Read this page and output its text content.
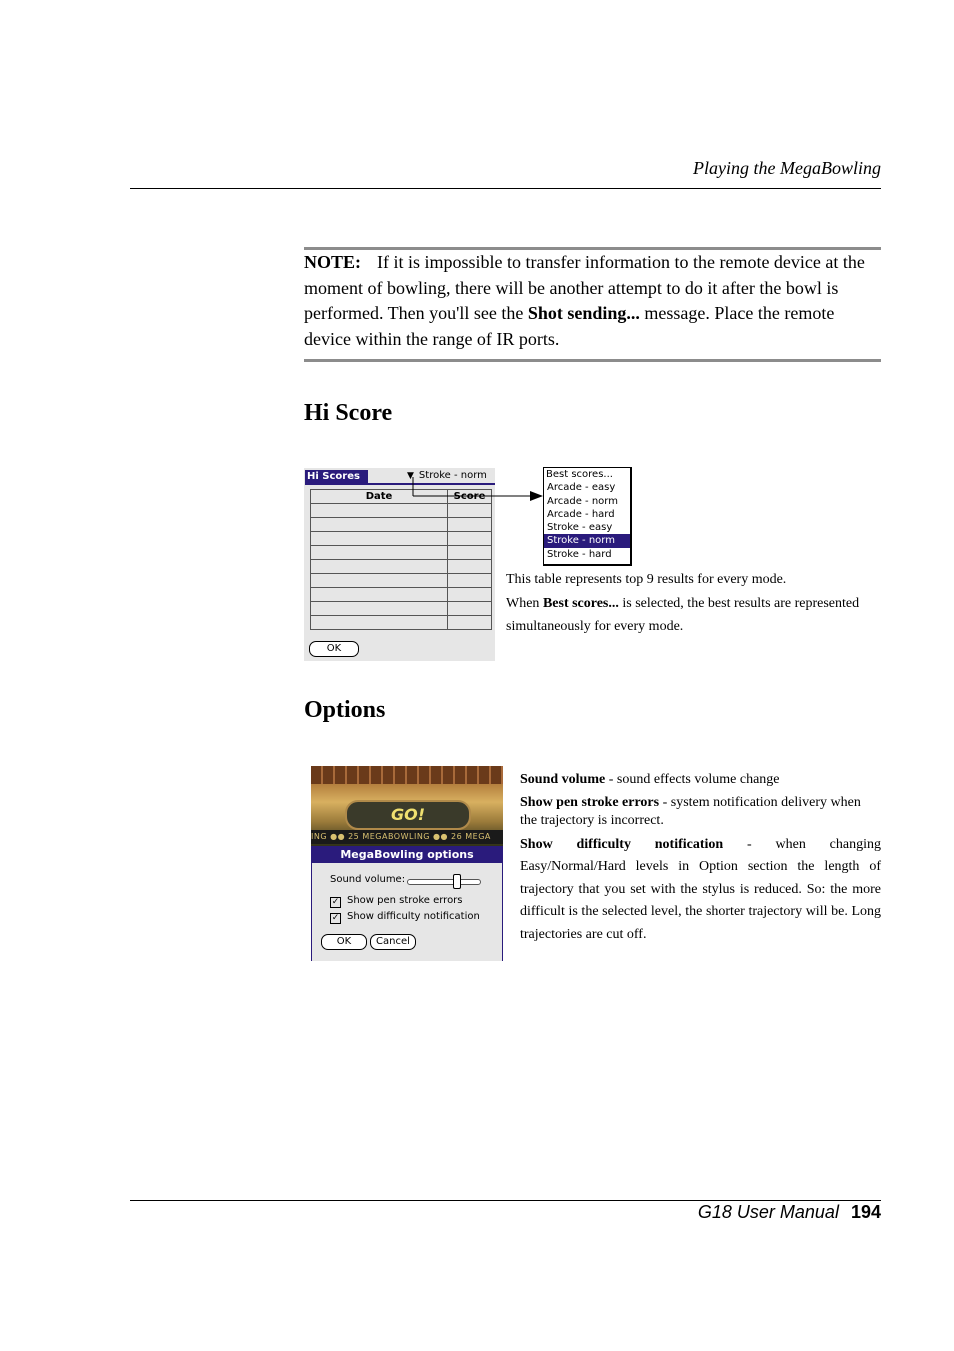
Playing the MegaBowling
NOTE: If it is impossible to transfer information to the remote device at the moment of bowling, there will be another attempt to do it after the bowl is performed. Then you'll see the Shot sending... message. Place the remote device within the range of IR ports.
Hi Score
Hi Scores	▼ Stroke - norm
Date	Score

OK
Best scores...
Arcade - easy
Arcade - norm
Arcade - hard
Stroke - easy
Stroke - norm
Stroke - hard
This table represents top 9 results for every mode.
When Best scores... is selected, the best results are represented simultaneously for every mode.
Options
GO!
ING ●● 25 MEGABOWLING ●● 26 MEGA
MegaBowling options
Sound volume:
✓ Show pen stroke errors
✓ Show difficulty notification
OK	Cancel
Sound volume - sound effects volume change
Show pen stroke errors - system notification delivery when the trajectory is incorrect.
Show difficulty notification - when changing Easy/Normal/Hard levels in Option section the length of trajectory that you set with the stylus is reduced. So: the more difficult is the selected level, the shorter trajectory will be. Long trajectories are cut off.
G18 User Manual 194
